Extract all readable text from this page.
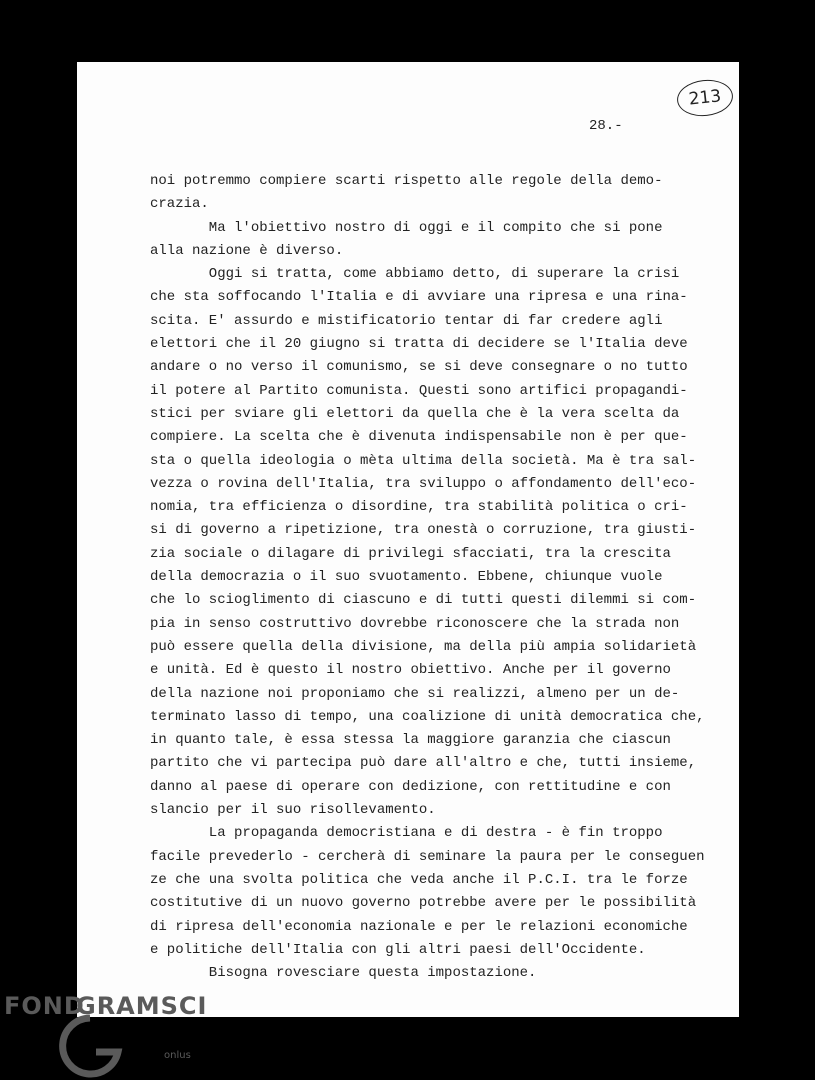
213
28.-
noi potremmo compiere scarti rispetto alle regole della demo-
crazia.
Ma l'obiettivo nostro di oggi e il compito che si pone
alla nazione è diverso.
Oggi si tratta, come abbiamo detto, di superare la crisi
che sta soffocando l'Italia e di avviare una ripresa e una rina-
scita. E' assurdo e mistificatorio tentar di far credere agli
elettori che il 20 giugno si tratta di decidere se l'Italia deve
andare o no verso il comunismo, se si deve consegnare o no tutto
il potere al Partito comunista. Questi sono artifici propagandi-
stici per sviare gli elettori da quella che è la vera scelta da
compiere. La scelta che è divenuta indispensabile non è per que-
sta o quella ideologia o mèta ultima della società. Ma è tra sal-
vezza o rovina dell'Italia, tra sviluppo o affondamento dell'eco-
nomia, tra efficienza o disordine, tra stabilità politica o cri-
si di governo a ripetizione, tra onestà o corruzione, tra giusti-
zia sociale o dilagare di privilegi sfacciati, tra la crescita
della democrazia o il suo svuotamento. Ebbene, chiunque vuole
che lo scioglimento di ciascuno e di tutti questi dilemmi si com-
pia in senso costruttivo dovrebbe riconoscere che la strada non
può essere quella della divisione, ma della più ampia solidarietà
e unità. Ed è questo il nostro obiettivo. Anche per il governo
della nazione noi proponiamo che si realizzi, almeno per un de-
terminato lasso di tempo, una coalizione di unità democratica che,
in quanto tale, è essa stessa la maggiore garanzia che ciascun
partito che vi partecipa può dare all'altro e che, tutti insieme,
danno al paese di operare con dedizione, con rettitudine e con
slancio per il suo risollevamento.
La propaganda democristiana e di destra - è fin troppo
facile prevederlo - cercherà di seminare la paura per le conseguen
ze che una svolta politica che veda anche il P.C.I. tra le forze
costitutive di un nuovo governo potrebbe avere per le possibilità
di ripresa dell'economia nazionale e per le relazioni economiche
e politiche dell'Italia con gli altri paesi dell'Occidente.
Bisogna rovesciare questa impostazione.
FOND
GRAMSCI
onlus
